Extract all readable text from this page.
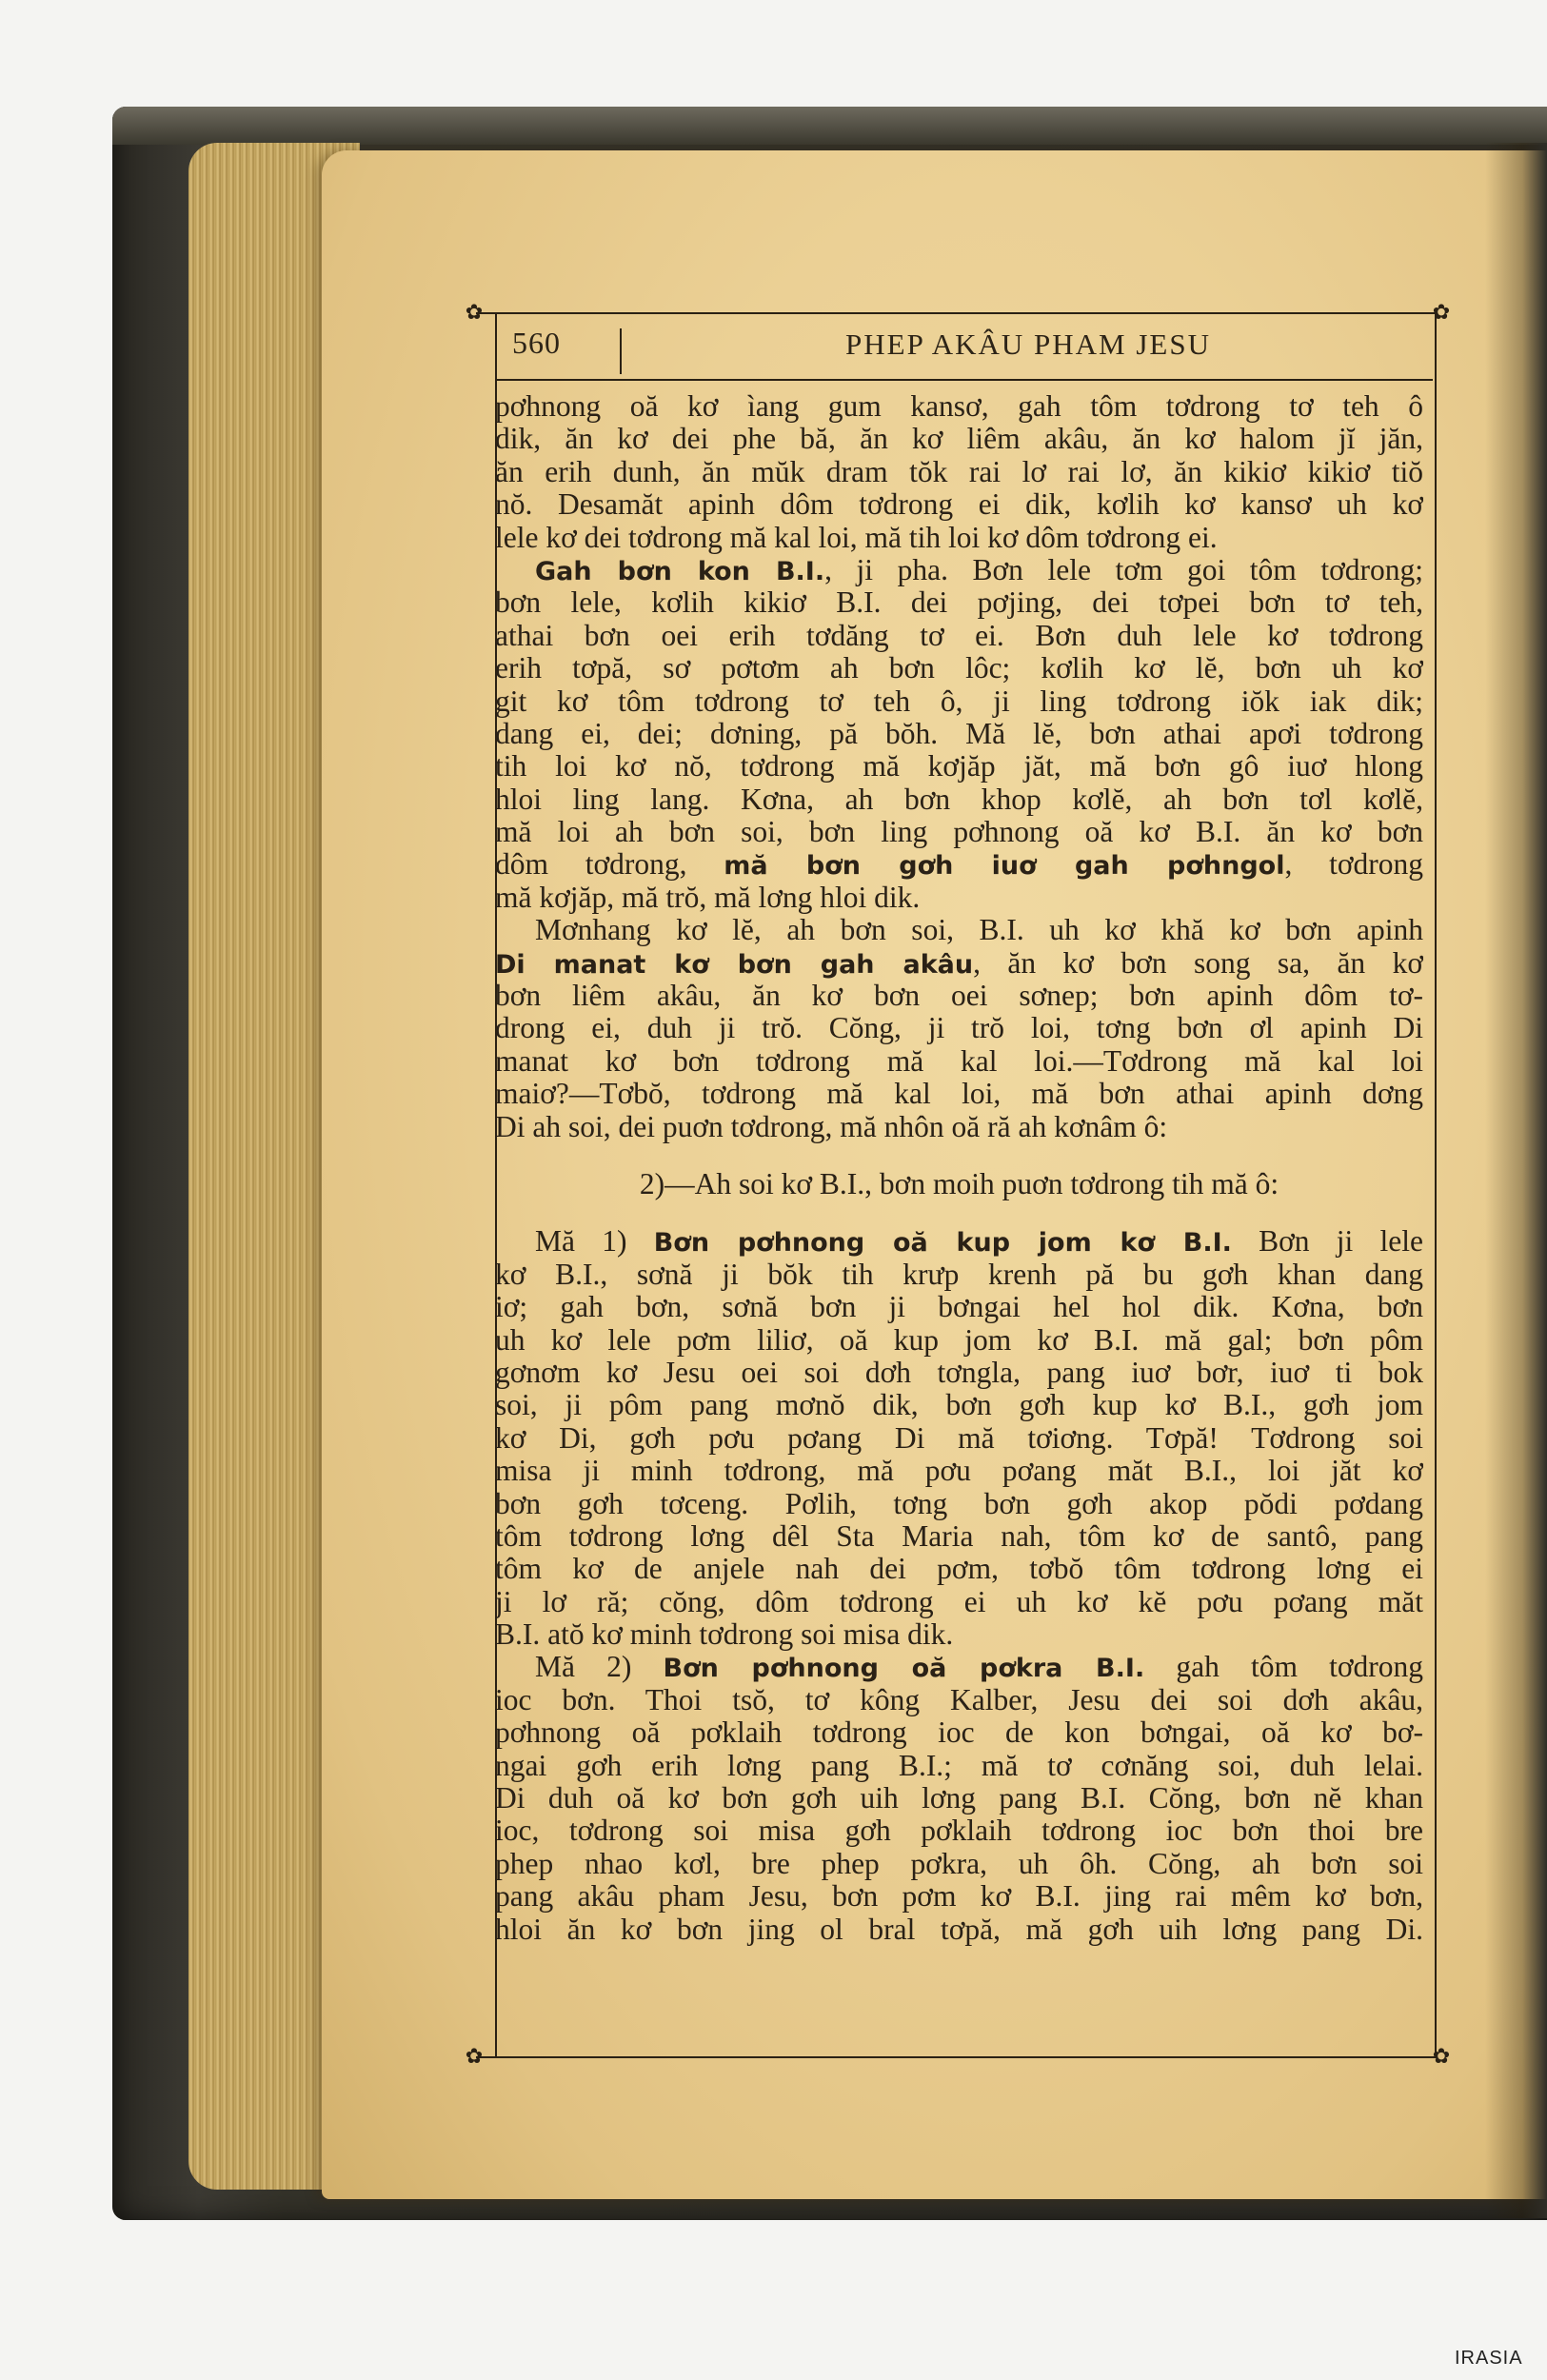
✿	✿
✿	✿
560	PHEP AKÂU PHAM JESU
pơhnong oă kơ ìang gum kansơ, gah tôm tơdrong tơ teh ô
dik, ăn kơ dei phe bă, ăn kơ liêm akâu, ăn kơ halom jĭ jăn,
ăn erih dunh, ăn mŭk dram tŏk rai lơ rai lơ, ăn kikiơ kikiơ tiŏ
nŏ. Desamăt apinh dôm tơdrong ei dik, kơlih kơ kansơ uh kơ
lele kơ dei tơdrong mă kal loi, mă tih loi kơ dôm tơdrong ei.
Gah bơn kon B.I., ji pha. Bơn lele tơm goi tôm tơdrong;
bơn lele, kơlih kikiơ B.I. dei pơjing, dei tơpei bơn tơ teh,
athai bơn oei erih tơdăng tơ ei. Bơn duh lele kơ tơdrong
erih tơpă, sơ pơtơm ah bơn lôc; kơlih kơ lĕ, bơn uh kơ
git kơ tôm tơdrong tơ teh ô, ji ling tơdrong iŏk iak dik;
dang ei, dei; dơning, pă bŏh. Mă lĕ, bơn athai apơi tơdrong
tih loi kơ nŏ, tơdrong mă kơjăp jăt, mă bơn gô iuơ hlong
hloi ling lang. Kơna, ah bơn khop kơlĕ, ah bơn tơl kơlĕ,
mă loi ah bơn soi, bơn ling pơhnong oă kơ B.I. ăn kơ bơn
dôm tơdrong, mă bơn gơh iuơ gah pơhngol, tơdrong
mă kơjăp, mă trŏ, mă lơng hloi dik.
Mơnhang kơ lĕ, ah bơn soi, B.I. uh kơ khă kơ bơn apinh
Di manat kơ bơn gah akâu, ăn kơ bơn song sa, ăn kơ
bơn liêm akâu, ăn kơ bơn oei sơnep; bơn apinh dôm tơ-
drong ei, duh ji trŏ. Cŏng, ji trŏ loi, tơng bơn ơl apinh Di
manat kơ bơn tơdrong mă kal loi.—Tơdrong mă kal loi
maiơ?—Tơbŏ, tơdrong mă kal loi, mă bơn athai apinh dơng
Di ah soi, dei puơn tơdrong, mă nhôn oă ră ah kơnâm ô:
2)—Ah soi kơ B.I., bơn moih puơn tơdrong tih mă ô:
Mă 1) Bơn pơhnong oă kup jom kơ B.I. Bơn ji lele
kơ B.I., sơnă ji bŏk tih krưp krenh pă bu gơh khan dang
iơ; gah bơn, sơnă bơn ji bơngai hel hol dik. Kơna, bơn
uh kơ lele pơm liliơ, oă kup jom kơ B.I. mă gal; bơn pôm
gơnơm kơ Jesu oei soi dơh tơngla, pang iuơ bơr, iuơ ti bok
soi, ji pôm pang mơnŏ dik, bơn gơh kup kơ B.I., gơh jom
kơ Di, gơh pơu pơang Di mă tơiơng. Tơpă! Tơdrong soi
misa ji minh tơdrong, mă pơu pơang măt B.I., loi jăt kơ
bơn gơh tơceng. Pơlih, tơng bơn gơh akop pŏdi pơdang
tôm tơdrong lơng dêl Sta Maria nah, tôm kơ de santô, pang
tôm kơ de anjele nah dei pơm, tơbŏ tôm tơdrong lơng ei
ji lơ ră; cŏng, dôm tơdrong ei uh kơ kĕ pơu pơang măt
B.I. atŏ kơ minh tơdrong soi misa dik.
Mă 2) Bơn pơhnong oă pơkra B.I. gah tôm tơdrong
ioc bơn. Thoi tsŏ, tơ kông Kalber, Jesu dei soi dơh akâu,
pơhnong oă pơklaih tơdrong ioc de kon bơngai, oă kơ bơ-
ngai gơh erih lơng pang B.I.; mă tơ cơnăng soi, duh lelai.
Di duh oă kơ bơn gơh uih lơng pang B.I. Cŏng, bơn nĕ khan
ioc, tơdrong soi misa gơh pơklaih tơdrong ioc bơn thoi bre
phep nhao kơl, bre phep pơkra, uh ôh. Cŏng, ah bơn soi
pang akâu pham Jesu, bơn pơm kơ B.I. jing rai mêm kơ bơn,
hloi ăn kơ bơn jing ol bral tơpă, mă gơh uih lơng pang Di.
IRASIA
